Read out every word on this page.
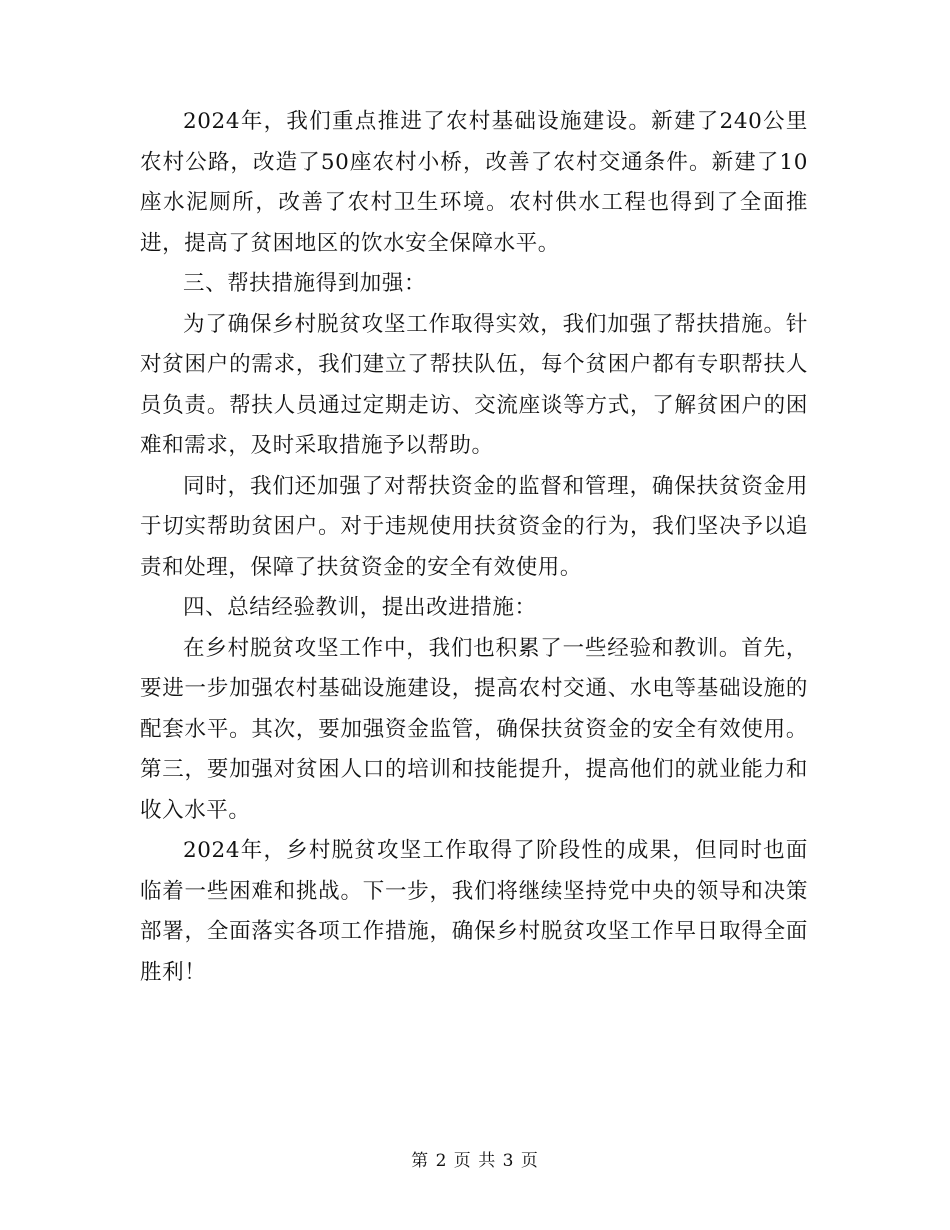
2024年，我们重点推进了农村基础设施建设。新建了240公里农村公路，改造了50座农村小桥，改善了农村交通条件。新建了10座水泥厕所，改善了农村卫生环境。农村供水工程也得到了全面推进，提高了贫困地区的饮水安全保障水平。

三、帮扶措施得到加强：

为了确保乡村脱贫攻坚工作取得实效，我们加强了帮扶措施。针对贫困户的需求，我们建立了帮扶队伍，每个贫困户都有专职帮扶人员负责。帮扶人员通过定期走访、交流座谈等方式，了解贫困户的困难和需求，及时采取措施予以帮助。

同时，我们还加强了对帮扶资金的监督和管理，确保扶贫资金用于切实帮助贫困户。对于违规使用扶贫资金的行为，我们坚决予以追责和处理，保障了扶贫资金的安全有效使用。

四、总结经验教训，提出改进措施：

在乡村脱贫攻坚工作中，我们也积累了一些经验和教训。首先，要进一步加强农村基础设施建设，提高农村交通、水电等基础设施的配套水平。其次，要加强资金监管，确保扶贫资金的安全有效使用。第三，要加强对贫困人口的培训和技能提升，提高他们的就业能力和收入水平。

2024年，乡村脱贫攻坚工作取得了阶段性的成果，但同时也面临着一些困难和挑战。下一步，我们将继续坚持党中央的领导和决策部署，全面落实各项工作措施，确保乡村脱贫攻坚工作早日取得全面胜利！

第 2 页 共 3 页
